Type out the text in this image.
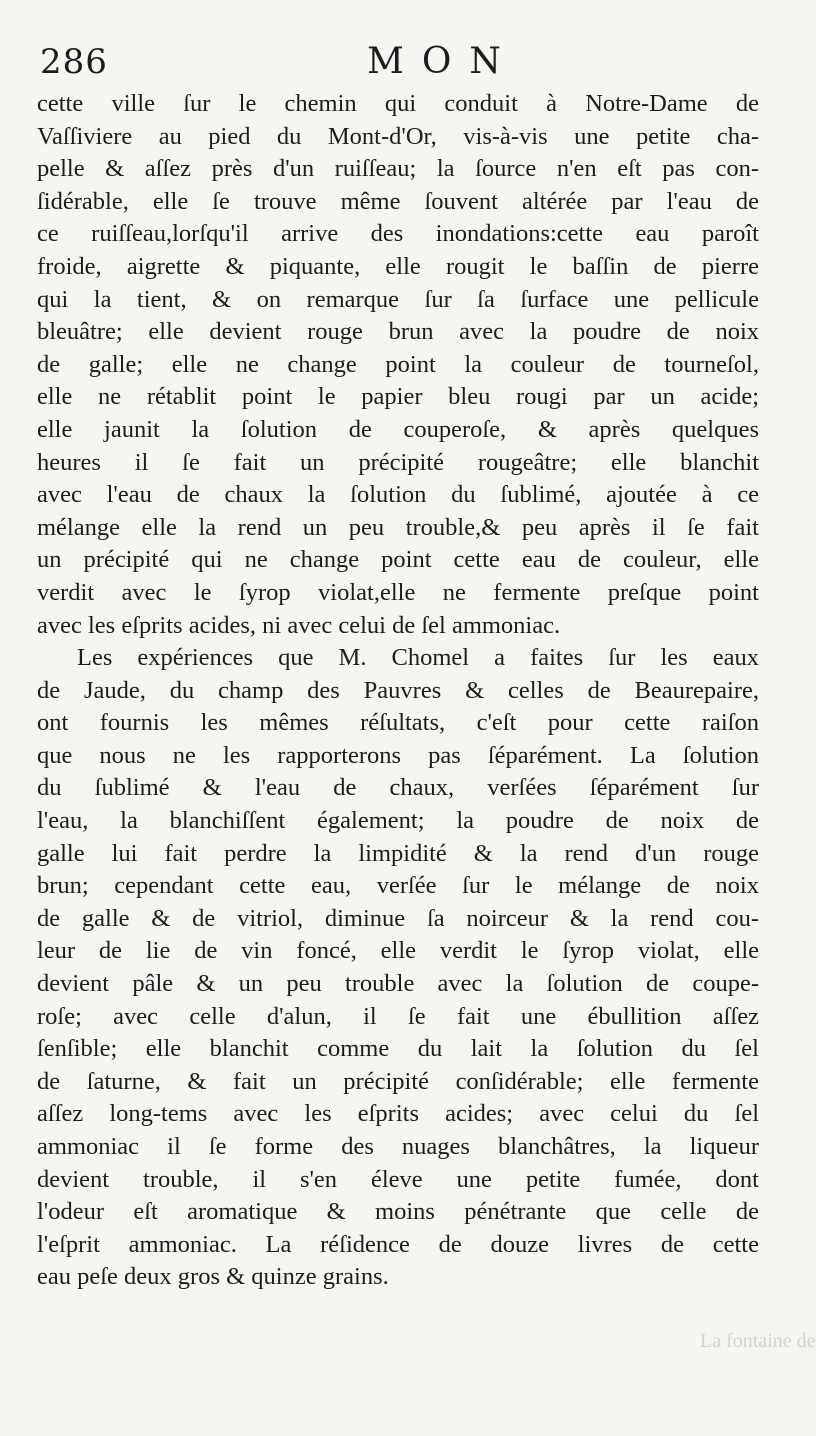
286	MON
cette ville ſur le chemin qui conduit à Notre-Dame de
Vaſſiviere au pied du Mont-d'Or, vis-à-vis une petite cha-
pelle & aſſez près d'un ruiſſeau; la ſource n'en eſt pas con-
ſidérable, elle ſe trouve même ſouvent altérée par l'eau de
ce ruiſſeau,lorſqu'il arrive des inondations:cette eau paroît
froide, aigrette & piquante, elle rougit le baſſin de pierre
qui la tient, & on remarque ſur ſa ſurface une pellicule
bleuâtre; elle devient rouge brun avec la poudre de noix
de galle; elle ne change point la couleur de tourneſol,
elle ne rétablit point le papier bleu rougi par un acide;
elle jaunit la ſolution de couperoſe, & après quelques
heures il ſe fait un précipité rougeâtre; elle blanchit
avec l'eau de chaux la ſolution du ſublimé, ajoutée à ce
mélange elle la rend un peu trouble,& peu après il ſe fait
un précipité qui ne change point cette eau de couleur, elle
verdit avec le ſyrop violat,elle ne fermente preſque point
avec les eſprits acides, ni avec celui de ſel ammoniac.
Les expériences que M. Chomel a faites ſur les eaux
de Jaude, du champ des Pauvres & celles de Beaurepaire,
ont fournis les mêmes réſultats, c'eſt pour cette raiſon
que nous ne les rapporterons pas ſéparément. La ſolution
du ſublimé & l'eau de chaux, verſées ſéparément ſur
l'eau, la blanchiſſent également; la poudre de noix de
galle lui fait perdre la limpidité & la rend d'un rouge
brun; cependant cette eau, verſée ſur le mélange de noix
de galle & de vitriol, diminue ſa noirceur & la rend cou-
leur de lie de vin foncé, elle verdit le ſyrop violat, elle
devient pâle & un peu trouble avec la ſolution de coupe-
roſe; avec celle d'alun, il ſe fait une ébullition aſſez
ſenſible; elle blanchit comme du lait la ſolution du ſel
de ſaturne, & fait un précipité conſidérable; elle fermente
aſſez long-tems avec les eſprits acides; avec celui du ſel
ammoniac il ſe forme des nuages blanchâtres, la liqueur
devient trouble, il s'en éleve une petite fumée, dont
l'odeur eſt aromatique & moins pénétrante que celle de
l'eſprit ammoniac. La réſidence de douze livres de cette
eau peſe deux gros & quinze grains.
La fontaine de
